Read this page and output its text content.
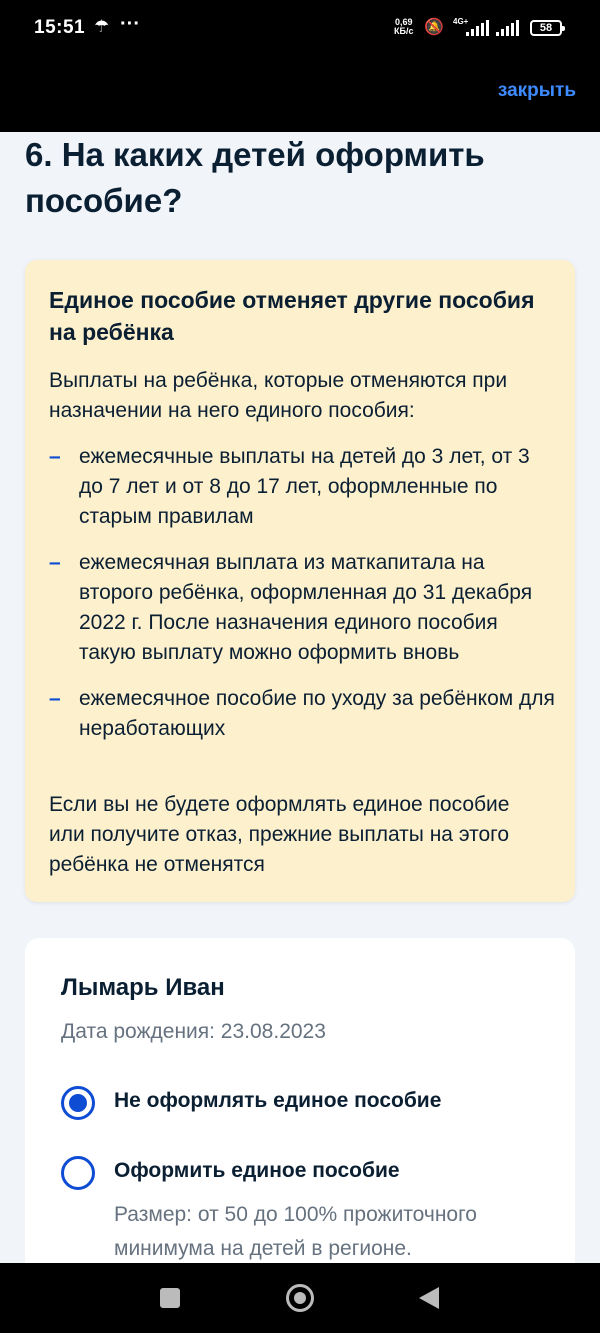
15:51 ☂ ···	0,69
КБ/с 🔕 4G+
58
закрыть
6. На каких детей оформить пособие?
Единое пособие отменяет другие пособия на ребёнка
Выплаты на ребёнка, которые отменяются при назначении на него единого пособия:
– ежемесячные выплаты на детей до 3 лет, от 3 до 7 лет и от 8 до 17 лет, оформленные по старым правилам
– ежемесячная выплата из маткапитала на второго ребёнка, оформленная до 31 декабря 2022 г. После назначения единого пособия такую выплату можно оформить вновь
– ежемесячное пособие по уходу за ребёнком для неработающих
Если вы не будете оформлять единое пособие или получите отказ, прежние выплаты на этого ребёнка не отменятся
Лымарь Иван
Дата рождения: 23.08.2023
Не оформлять единое пособие
Оформить единое пособие
Размер: от 50 до 100% прожиточного минимума на детей в регионе.
